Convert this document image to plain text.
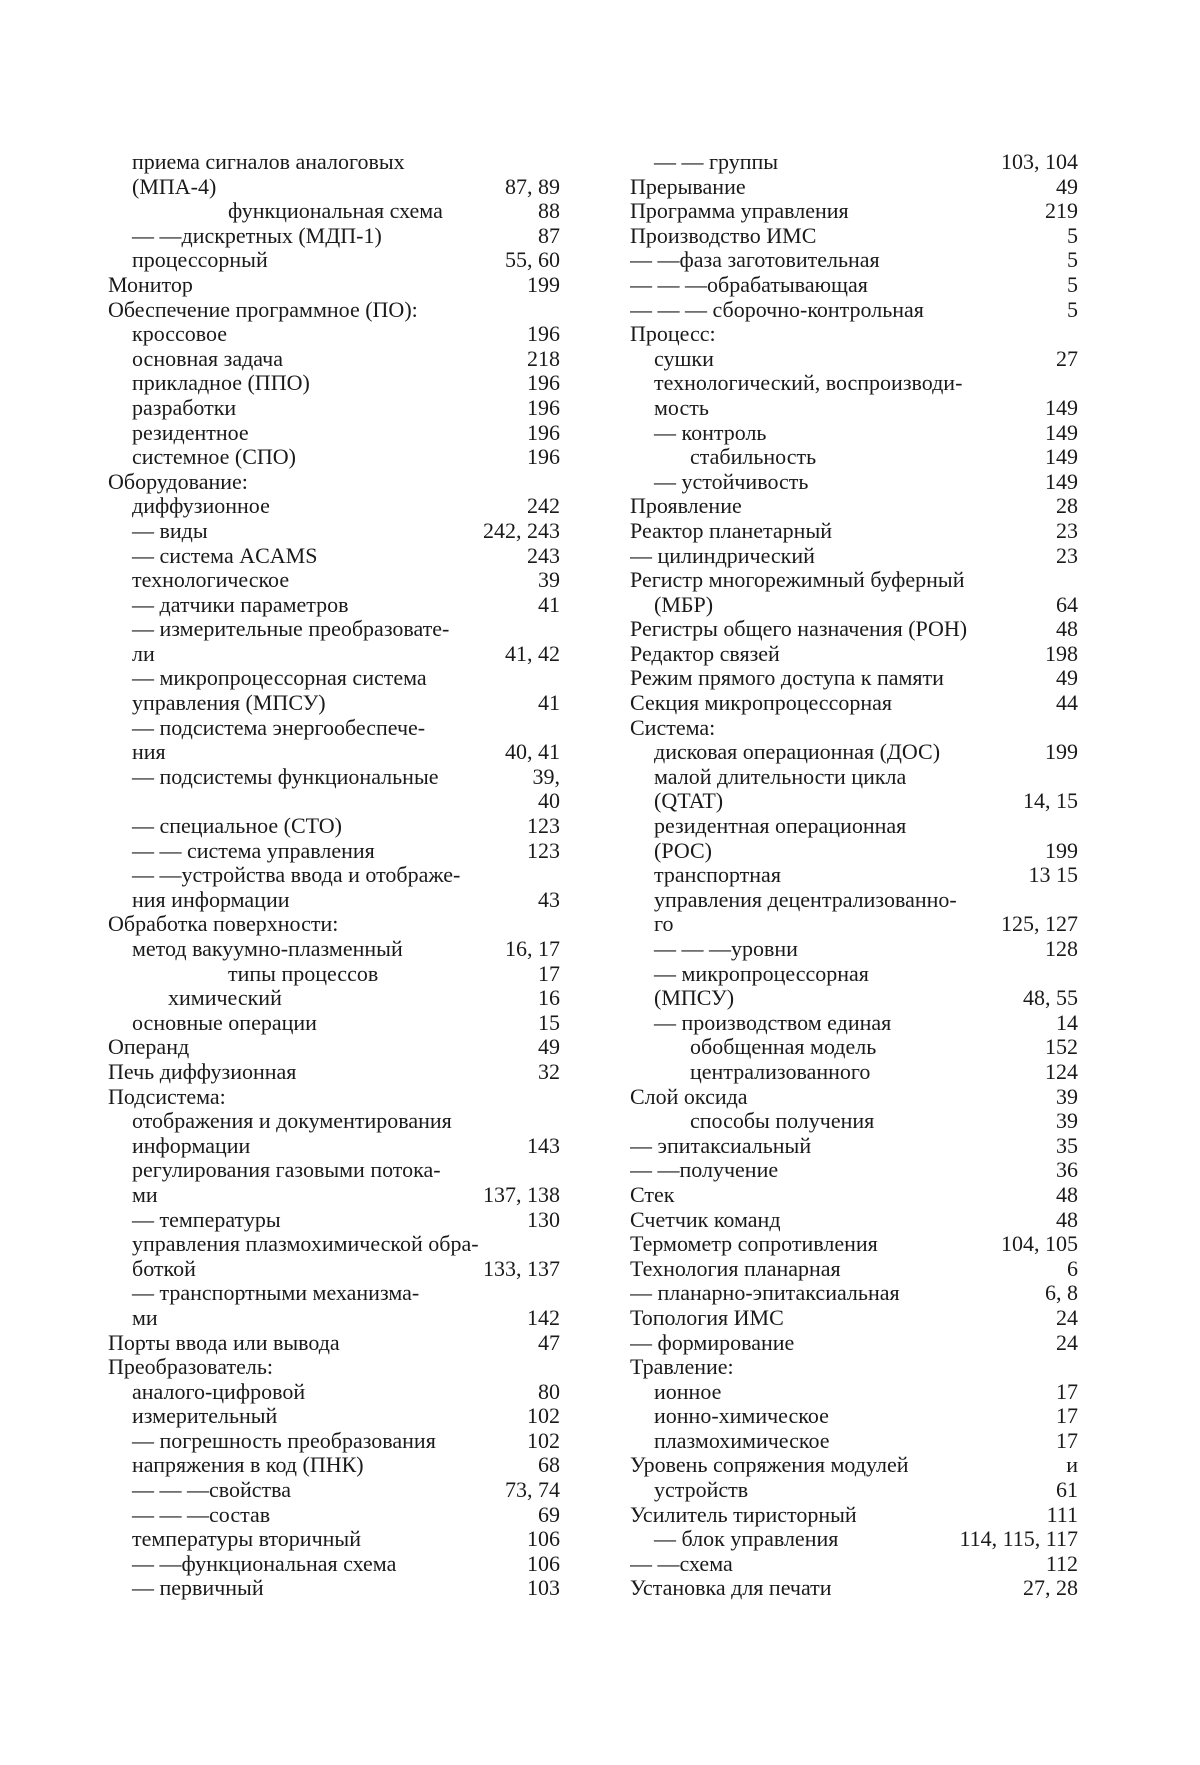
приема сигналов аналоговых
(МПА-4)	87, 89
функциональная схема	88
— —дискретных (МДП-1)	87
процессорный	55, 60
Монитор	199
Обеспечение программное (ПО):
кроссовое	196
основная задача	218
прикладное (ППО)	196
разработки	196
резидентное	196
системное (СПО)	196
Оборудование:
диффузионное	242
— виды	242, 243
— система ACAMS	243
технологическое	39
— датчики параметров	41
— измерительные преобразовате-
ли	41, 42
— микропроцессорная система
управления (МПСУ)	41
— подсистема энергообеспече-
ния	40, 41
— подсистемы функциональные	39,
40
— специальное (СТО)	123
— — система управления	123
— —устройства ввода и отображе-
ния информации	43
Обработка поверхности:
метод вакуумно-плазменный	16, 17
типы процессов	17
химический	16
основные операции	15
Операнд	49
Печь диффузионная	32
Подсистема:
отображения и документирования
информации	143
регулирования газовыми потока-
ми	137, 138
— температуры	130
управления плазмохимической обра-
боткой	133, 137
— транспортными механизма-
ми	142
Порты ввода или вывода	47
Преобразователь:
аналого-цифровой	80
измерительный	102
— погрешность преобразования	102
напряжения в код (ПНК)	68
— — —свойства	73, 74
— — —состав	69
температуры вторичный	106
— —функциональная схема	106
— первичный	103
— — группы	103, 104
Прерывание	49
Программа управления	219
Производство ИМС	5
— —фаза заготовительная	5
— — —обрабатывающая	5
— — — сборочно-контрольная	5
Процесс:
сушки	27
технологический, воспроизводи-
мость	149
— контроль	149
стабильность	149
— устойчивость	149
Проявление	28
Реактор планетарный	23
— цилиндрический	23
Регистр многорежимный буферный
(МБР)	64
Регистры общего назначения (РОН)	48
Редактор связей	198
Режим прямого доступа к памяти	49
Секция микропроцессорная	44
Система:
дисковая операционная (ДОС)	199
малой длительности цикла
(QTAT)	14, 15
резидентная операционная
(РОС)	199
транспортная	13 15
управления децентрализованно-
го	125, 127
— — —уровни	128
— микропроцессорная
(МПСУ)	48, 55
— производством единая	14
обобщенная модель	152
централизованного	124
Слой оксида	39
способы получения	39
— эпитаксиальный	35
— —получение	36
Стек	48
Счетчик команд	48
Термометр сопротивления	104, 105
Технология планарная	6
— планарно-эпитаксиальная	6, 8
Топология ИМС	24
— формирование	24
Травление:
ионное	17
ионно-химическое	17
плазмохимическое	17
Уровень сопряжения модулей	и
устройств	61
Усилитель тиристорный	111
— блок управления	114, 115, 117
— —схема	112
Установка для печати	27, 28
